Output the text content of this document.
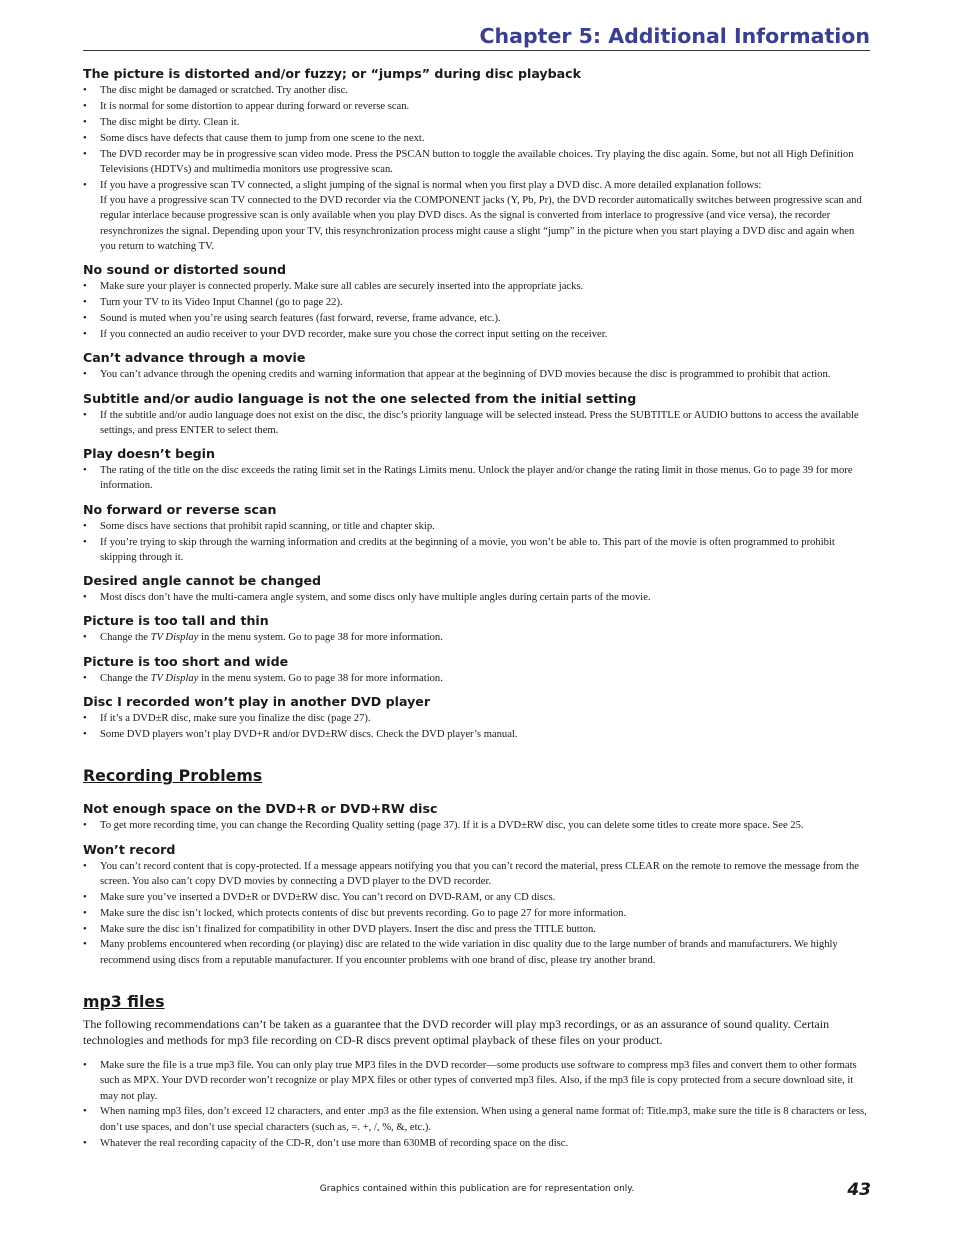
Chapter 5: Additional Information
The picture is distorted and/or fuzzy; or “jumps” during disc playback
• The disc might be damaged or scratched. Try another disc.
• It is normal for some distortion to appear during forward or reverse scan.
• The disc might be dirty. Clean it.
• Some discs have defects that cause them to jump from one scene to the next.
• The DVD recorder may be in progressive scan video mode. Press the PSCAN button to toggle the available choices. Try playing the disc again. Some, but not all High Definition Televisions (HDTVs) and multimedia monitors use progressive scan.
• If you have a progressive scan TV connected, a slight jumping of the signal is normal when you first play a DVD disc. A more detailed explanation follows:
If you have a progressive scan TV connected to the DVD recorder via the COMPONENT jacks (Y, Pb, Pr), the DVD recorder automatically switches between progressive scan and regular interlace because progressive scan is only available when you play DVD discs. As the signal is converted from interlace to progressive (and vice versa), the recorder resynchronizes the signal. Depending upon your TV, this resynchronization process might cause a slight “jump” in the picture when you start playing a DVD disc and again when you return to watching TV.
No sound or distorted sound
• Make sure your player is connected properly. Make sure all cables are securely inserted into the appropriate jacks.
• Turn your TV to its Video Input Channel (go to page 22).
• Sound is muted when you’re using search features (fast forward, reverse, frame advance, etc.).
• If you connected an audio receiver to your DVD recorder, make sure you chose the correct input setting on the receiver.
Can’t advance through a movie
• You can’t advance through the opening credits and warning information that appear at the beginning of DVD movies because the disc is programmed to prohibit that action.
Subtitle and/or audio language is not the one selected from the initial setting
• If the subtitle and/or audio language does not exist on the disc, the disc’s priority language will be selected instead. Press the SUBTITLE or AUDIO buttons to access the available settings, and press ENTER to select them.
Play doesn’t begin
• The rating of the title on the disc exceeds the rating limit set in the Ratings Limits menu. Unlock the player and/or change the rating limit in those menus. Go to page 39 for more information.
No forward or reverse scan
• Some discs have sections that prohibit rapid scanning, or title and chapter skip.
• If you’re trying to skip through the warning information and credits at the beginning of a movie, you won’t be able to. This part of the movie is often programmed to prohibit skipping through it.
Desired angle cannot be changed
• Most discs don’t have the multi-camera angle system, and some discs only have multiple angles during certain parts of the movie.
Picture is too tall and thin
• Change the TV Display in the menu system. Go to page 38 for more information.
Picture is too short and wide
• Change the TV Display in the menu system. Go to page 38 for more information.
Disc I recorded won’t play in another DVD player
• If it’s a DVD±R disc, make sure you finalize the disc (page 27).
• Some DVD players won’t play DVD+R and/or DVD±RW discs. Check the DVD player’s manual.
Recording Problems
Not enough space on the DVD+R or DVD+RW disc
• To get more recording time, you can change the Recording Quality setting (page 37). If it is a DVD±RW disc, you can delete some titles to create more space. See 25.
Won’t record
• You can’t record content that is copy-protected. If a message appears notifying you that you can’t record the material, press CLEAR on the remote to remove the message from the screen. You also can’t copy DVD movies by connecting a DVD player to the DVD recorder.
• Make sure you’ve inserted a DVD±R or DVD±RW disc. You can’t record on DVD-RAM, or any CD discs.
• Make sure the disc isn’t locked, which protects contents of disc but prevents recording. Go to page 27 for more information.
• Make sure the disc isn’t finalized for compatibility in other DVD players. Insert the disc and press the TITLE button.
• Many problems encountered when recording (or playing) disc are related to the wide variation in disc quality due to the large number of brands and manufacturers. We highly recommend using discs from a reputable manufacturer. If you encounter problems with one brand of disc, please try another brand.
mp3 files

The following recommendations can’t be taken as a guarantee that the DVD recorder will play mp3 recordings, or as an assurance of sound quality. Certain technologies and methods for mp3 file recording on CD-R discs prevent optimal playback of these files on your product.

• Make sure the file is a true mp3 file. You can only play true MP3 files in the DVD recorder—some products use software to compress mp3 files and convert them to other formats such as MPX. Your DVD recorder won’t recognize or play MPX files or other types of converted mp3 files. Also, if the mp3 file is copy protected from a secure download site, it may not play.
• When naming mp3 files, don’t exceed 12 characters, and enter .mp3 as the file extension. When using a general name format of: Title.mp3, make sure the title is 8 characters or less, don’t use spaces, and don’t use special characters (such as, =. +, /, %, &, etc.).
• Whatever the real recording capacity of the CD-R, don’t use more than 630MB of recording space on the disc.
Graphics contained within this publication are for representation only.	43
